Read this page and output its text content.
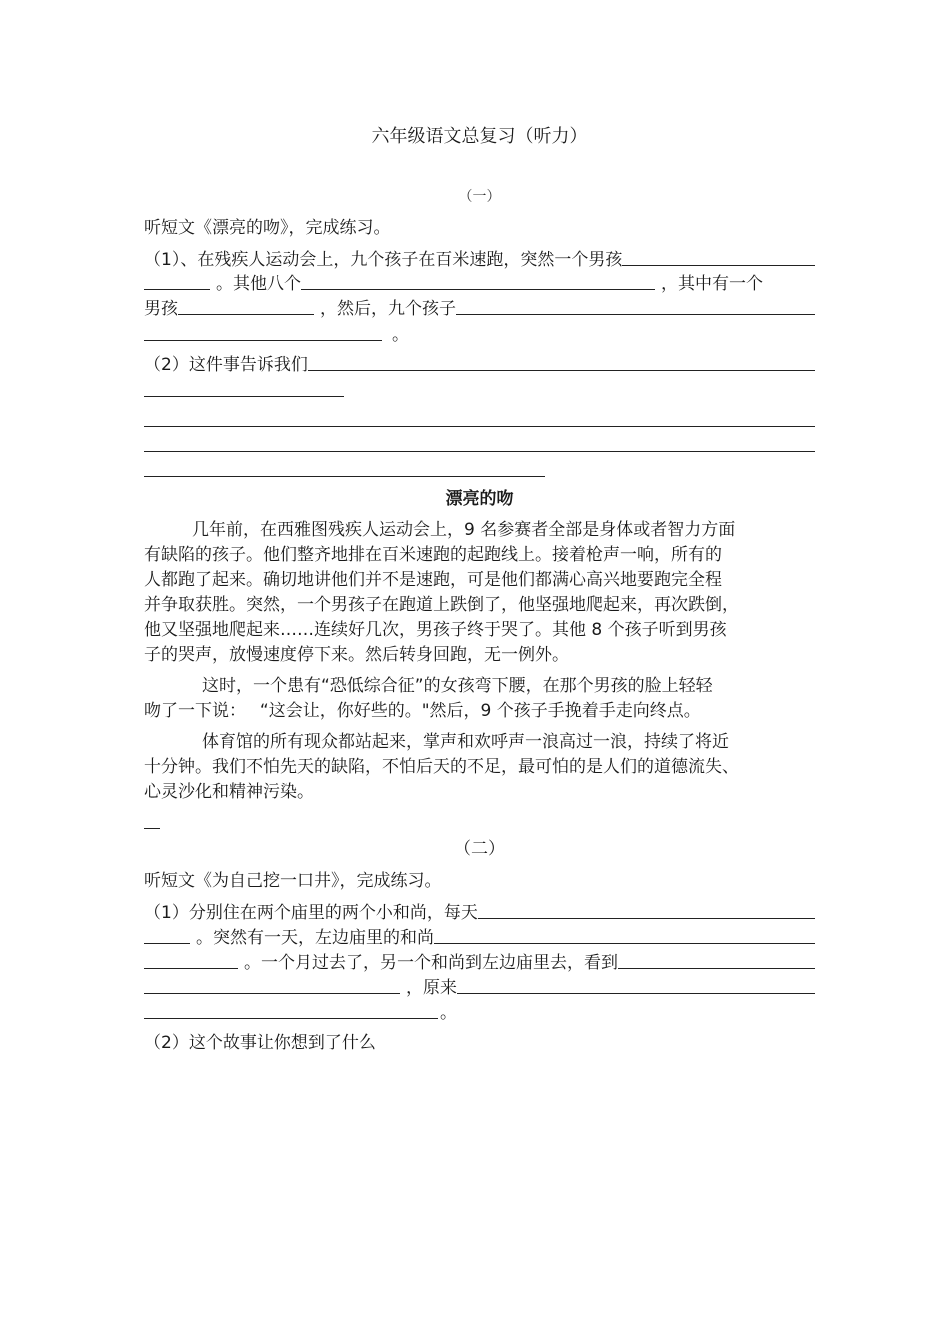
六年级语文总复习（听力）
（一）
听短文《漂亮的吻》，完成练习。
（1）、在残疾人运动会上，九个孩子在百米速跑，突然一个男孩
。其他八个	，其中有一个
男孩	，然后，九个孩子
。
（2）这件事告诉我们
漂亮的吻
几年前，在西雅图残疾人运动会上，9 名参赛者全部是身体或者智力方面
有缺陷的孩子。他们整齐地排在百米速跑的起跑线上。接着枪声一响，所有的
人都跑了起来。确切地讲他们并不是速跑，可是他们都满心高兴地要跑完全程
并争取获胜。突然，一个男孩子在跑道上跌倒了，他坚强地爬起来，再次跌倒，
他又坚强地爬起来……连续好几次，男孩子终于哭了。其他 8 个孩子听到男孩
子的哭声，放慢速度停下来。然后转身回跑，无一例外。
这时，一个患有“恐低综合征”的女孩弯下腰，在那个男孩的脸上轻轻
吻了一下说：　 “这会让，你好些的。"然后，9 个孩子手挽着手走向终点。
体育馆的所有现众都站起来，掌声和欢呼声一浪高过一浪，持续了将近
十分钟。我们不怕先天的缺陷，不怕后天的不足，最可怕的是人们的道德流失、
心灵沙化和精神污染。
（二）
听短文《为自己挖一口井》，完成练习。
（1）分别住在两个庙里的两个小和尚，每天
。突然有一天，左边庙里的和尚
。一个月过去了，另一个和尚到左边庙里去，看到
，原来
。
（2）这个故事让你想到了什么
